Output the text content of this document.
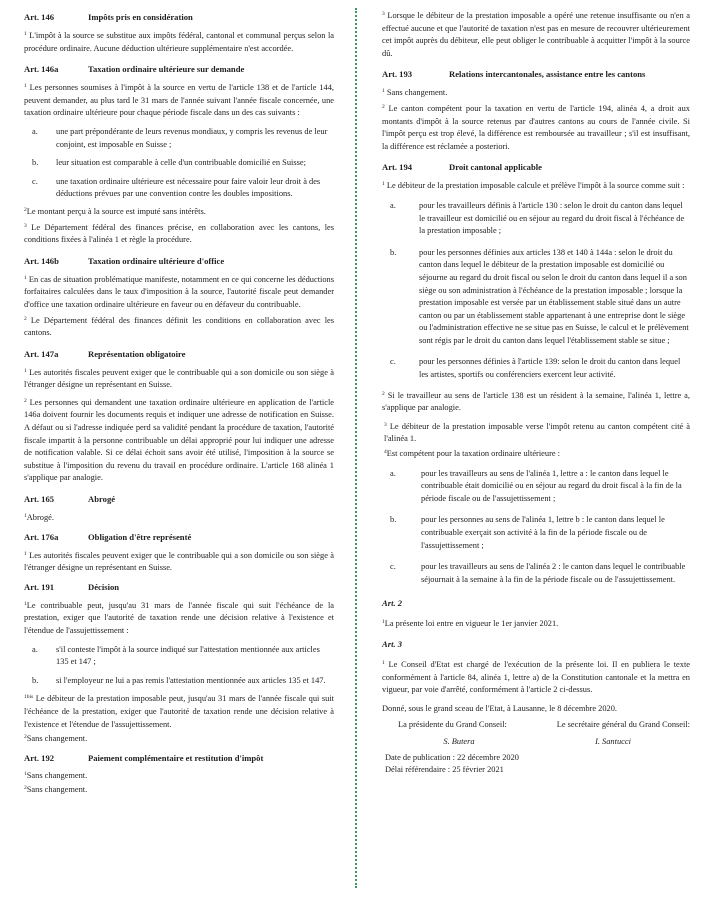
Art. 146	Impôts pris en considération

$^1$ L'impôt à la source se substitue aux impôts fédéral, cantonal et communal perçus selon la procédure ordinaire. Aucune déduction ultérieure supplémentaire n'est accordée.

Art. 146a	Taxation ordinaire ultérieure sur demande

$^1$ Les personnes soumises à l'impôt à la source en vertu de l'article 138 et de l'article 144, peuvent demander, au plus tard le 31 mars de l'année suivant l'année fiscale concernée, une taxation ordinaire ultérieure pour chaque période fiscale dans un des cas suivants :

a.	une part prépondérante de leurs revenus mondiaux, y compris les revenus de leur conjoint, est imposable en Suisse ;
b.	leur situation est comparable à celle d'un contribuable domicilié en Suisse;
c.	une taxation ordinaire ultérieure est nécessaire pour faire valoir leur droit à des déductions prévues par une convention contre les doubles impositions.

$^2$Le montant perçu à la source est imputé sans intérêts.

$^3$ Le Département fédéral des finances précise, en collaboration avec les cantons, les conditions fixées à l'alinéa 1 et règle la procédure.

Art. 146b	Taxation ordinaire ultérieure d'office

$^1$ En cas de situation problématique manifeste, notamment en ce qui concerne les déductions forfaitaires calculées dans le taux d'imposition à la source, l'autorité fiscale peut demander d'office une taxation ordinaire ultérieure en faveur ou en défaveur du contribuable.

$^2$ Le Département fédéral des finances définit les conditions en collaboration avec les cantons.

Art. 147a	Représentation obligatoire

$^1$ Les autorités fiscales peuvent exiger que le contribuable qui a son domicile ou son siège à l'étranger désigne un représentant en Suisse.

$^2$ Les personnes qui demandent une taxation ordinaire ultérieure en application de l'article 146a doivent fournir les documents requis et indiquer une adresse de notification en Suisse. A défaut ou si l'adresse indiquée perd sa validité pendant la procédure de taxation, l'autorité fiscale impartit à la personne contribuable un délai approprié pour lui indiquer une adresse de notification valable. Si ce délai échoit sans avoir été utilisé, l'imposition à la source se substitue à l'imposition du revenu du travail en procédure ordinaire. L'article 168 alinéa 1 s'applique par analogie.

Art. 165	Abrogé

$^1$Abrogé.

Art. 176a	Obligation d'être représenté

$^1$ Les autorités fiscales peuvent exiger que le contribuable qui a son domicile ou son siège à l'étranger désigne un représentant en Suisse.

Art. 191	Décision

$^1$Le contribuable peut, jusqu'au 31 mars de l'année fiscale qui suit l'échéance de la prestation, exiger que l'autorité de taxation rende une décision relative à l'existence et l'étendue de l'assujettissement :

a.	s'il conteste l'impôt à la source indiqué sur l'attestation mentionnée aux articles 135 et 147 ;
b.	si l'employeur ne lui a pas remis l'attestation mentionnée aux articles 135 et 147.

$^{1bis}$ Le débiteur de la prestation imposable peut, jusqu'au 31 mars de l'année fiscale qui suit l'échéance de la prestation, exiger que l'autorité de taxation rende une décision relative à l'existence et l'étendue de l'assujettissement.

$^2$Sans changement.

Art. 192	Paiement complémentaire et restitution d'impôt

$^1$Sans changement.

$^2$Sans changement.

$^3$ Lorsque le débiteur de la prestation imposable a opéré une retenue insuffisante ou n'en a effectué aucune et que l'autorité de taxation n'est pas en mesure de recouvrer ultérieurement cet impôt auprès du débiteur, elle peut obliger le contribuable à acquitter l'impôt à la source dû.

Art. 193	Relations intercantonales, assistance entre les cantons

$^1$ Sans changement.

$^2$ Le canton compétent pour la taxation en vertu de l'article 194, alinéa 4, a droit aux montants d'impôt à la source retenus par d'autres cantons au cours de l'année civile. Si l'impôt perçu est trop élevé, la différence est remboursée au travailleur ; s'il est insuffisant, la différence est réclamée a posteriori.

Art. 194	Droit cantonal applicable

$^1$ Le débiteur de la prestation imposable calcule et prélève l'impôt à la source comme suit :

a.	pour les travailleurs définis à l'article 130 : selon le droit du canton dans lequel le travailleur est domicilié ou en séjour au regard du droit fiscal à l'échéance de la prestation imposable ;
b.	pour les personnes définies aux articles 138 et 140 à 144a : selon le droit du canton dans lequel le débiteur de la prestation imposable est domicilié ou séjourne au regard du droit fiscal ou selon le droit du canton dans lequel il a son siège ou son administration à l'échéance de la prestation imposable ; lorsque la prestation imposable est versée par un établissement stable situé dans un autre canton ou par un établissement stable appartenant à une entreprise dont le siège ou l'administration effective ne se situe pas en Suisse, le calcul et le prélèvement sont régis par le droit du canton dans lequel l'établissement stable se situe ;
c.	pour les personnes définies à l'article 139: selon le droit du canton dans lequel les artistes, sportifs ou conférenciers exercent leur activité.

$^2$ Si le travailleur au sens de l'article 138 est un résident à la semaine, l'alinéa 1, lettre a, s'applique par analogie.

$^3$ Le débiteur de la prestation imposable verse l'impôt retenu au canton compétent cité à l'alinéa 1.

$^4$Est compétent pour la taxation ordinaire ultérieure :

a.	pour les travailleurs au sens de l'alinéa 1, lettre a : le canton dans lequel le contribuable était domicilié ou en séjour au regard du droit fiscal à la fin de la période fiscale ou de l'assujettissement ;
b.	pour les personnes au sens de l'alinéa 1, lettre b : le canton dans lequel le contribuable exerçait son activité à la fin de la période fiscale ou de l'assujettissement ;
c.	pour les travailleurs au sens de l'alinéa 2 : le canton dans lequel le contribuable séjournait à la semaine à la fin de la période fiscale ou de l'assujettissement.
Art. 2

$^1$La présente loi entre en vigueur le 1er janvier 2021.

Art. 3

$^1$ Le Conseil d'Etat est chargé de l'exécution de la présente loi. Il en publiera le texte conformément à l'article 84, alinéa 1, lettre a) de la Constitution cantonale et la mettra en vigueur, par voie d'arrêté, conformément à l'article 2 ci-dessus.

Donné, sous le grand sceau de l'Etat, à Lausanne, le 8 décembre 2020.

La présidente du Grand Conseil:	Le secrétaire général du Grand Conseil:
S. Butera	I. Santucci
Date de publication : 22 décembre 2020
Délai référendaire : 25 février 2021
